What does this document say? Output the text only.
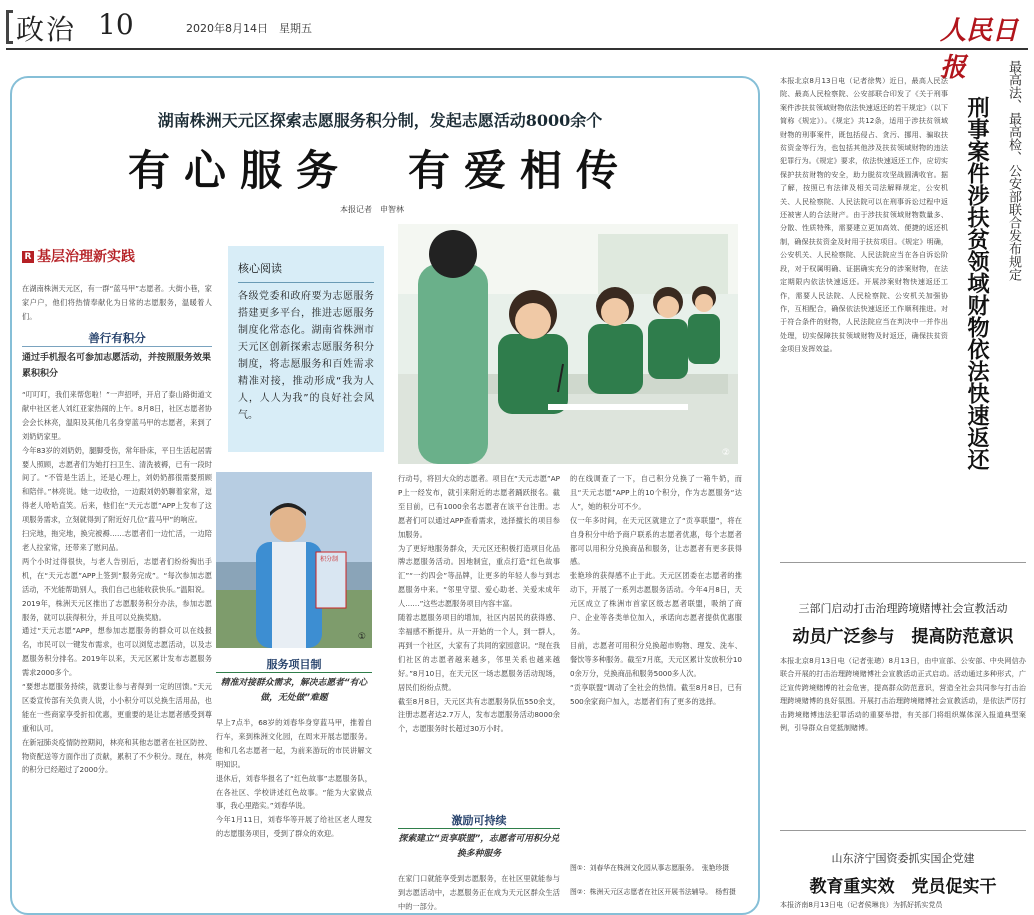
政治 10	2020年8月14日　星期五	人民日报
湖南株洲天元区探索志愿服务积分制，发起志愿活动8000余个
有心服务　有爱相传
本报记者　申智林
R 基层治理新实践
在湖南株洲天元区，有一群“蓝马甲”志愿者。大街小巷，家家户户，他们将热情奉献化为日常的志愿服务，温暖着人们。
善行有积分
通过手机报名可参加志愿活动，并按照服务效果累积积分
“叮叮叮，我们来帮您啦！”一声招呼，开启了泰山路街道文献中社区老人刘红亚家热闹的上午。8月8日，社区志愿者协会会长林亮，温阳及其他几名身穿蓝马甲的志愿者，来到了刘奶奶家里。
今年83岁的刘奶奶，腿脚受伤，常年卧床，平日生活起居需要人照顾，志愿者们为她打扫卫生、清洗被褥，已有一段时间了。“不管是生活上，还是心理上，刘奶奶都很需要照顾和陪伴。”林亮说。她一边收拾，一边跟刘奶奶聊着家常，逗得老人哈哈直笑。后来，他们在“天元志愿”APP上发布了这项服务需求，立刻就得到了附近好几位“蓝马甲”的响应。
扫完地，拖完地，换完被褥……志愿者们一边忙活，一边陪老人拉家常，还带来了慰问品。
两个小时过得很快，与老人告别后，志愿者们纷纷掏出手机，在“天元志愿”APP上签到“服务完成”。“每次参加志愿活动，不光能帮助别人，我们自己也能收获快乐。”温阳说。
2019年，株洲天元区推出了志愿服务积分办法，参加志愿服务，就可以获得积分，并且可以兑换奖励。
通过“天元志愿”APP，想参加志愿服务的群众可以在线报名，市民可以一键发布需求，也可以浏览志愿活动，以及志愿服务积分排名。2019年以来，天元区累计发布志愿服务需求2000多个。
“要想志愿服务持续，就要让参与者得到一定的回馈。”天元区委宣传部有关负责人说，小小积分可以兑换生活用品，也能在一些商家享受折扣优惠，更重要的是让志愿者感受到尊重和认可。
在新冠肺炎疫情防控期间，林亮和其他志愿者在社区防控、物资配送等方面作出了贡献，累积了不少积分。现在，林亮的积分已经超过了2000分。
核心阅读
各级党委和政府要为志愿服务搭建更多平台，推进志愿服务制度化常态化。湖南省株洲市天元区创新探索志愿服务积分制度，将志愿服务和百姓需求精准对接，推动形成“我为人人，人人为我”的良好社会风气。
②
积分制
①
服务项目制
精准对接群众需求，解决志愿者“有心做，无处做”难题
早上7点半，68岁的刘春华身穿蓝马甲，推着自行车，来到株洲文化园，在周末开展志愿服务。他和几名志愿者一起，为前来游玩的市民讲解文明知识。
退休后，刘春华报名了“红色故事”志愿服务队，在各社区、学校讲述红色故事。“能为大家做点事，我心里踏实。”刘春华说。
今年1月11日，刘春华等开展了给社区老人理发的志愿服务项目，受到了群众的欢迎。
行动号，将回大众的志愿者。项目在“天元志愿”APP上一经发布，就引来附近的志愿者踊跃报名。截至目前，已有1000余名志愿者在该平台注册。志愿者们可以通过APP查看需求，选择擅长的项目参加服务。
为了更好地服务群众，天元区还积极打造项目化品牌志愿服务活动。因地制宜，重点打造“红色故事汇”“一约四会”等品牌，让更多的年轻人参与到志愿服务中来。“邻里守望、爱心助老、关爱未成年人……”这些志愿服务项目内容丰富。
随着志愿服务项目的增加，社区内居民的获得感、幸福感不断提升。从一开始的一个人，到一群人，再到一个社区，大家有了共同的家园意识。“现在我们社区的志愿者越来越多，邻里关系也越来越好。”8月10日，在天元区一场志愿服务活动现场，居民们纷纷点赞。
截至8月8日，天元区共有志愿服务队伍550余支，注册志愿者达2.7万人，发布志愿服务活动8000余个，志愿服务时长超过30万小时。
激励可持续
探索建立“贡享联盟”，志愿者可用积分兑换多种服务
在家门口就能享受到志愿服务，在社区里就能参与到志愿活动中，志愿服务正在成为天元区群众生活中的一部分。
的在线调查了一下，自己积分兑换了一箱牛奶，而且“天元志愿”APP上的10个积分，作为志愿服务“达人”，她的积分可不少。
仅一年多时间，在天元区就建立了“贡享联盟”，将在自身积分中给予商户联系的志愿者优惠，每个志愿者都可以用积分兑换商品和服务，让志愿者有更多获得感。
张艳珍的获得感不止于此。天元区团委在志愿者的推动下，开展了一系列志愿服务活动。今年4月8日，天元区成立了株洲市首家区级志愿者联盟，吸纳了商户、企业等各类单位加入，承诺向志愿者提供优惠服务。
目前，志愿者可用积分兑换超市购物、理发、洗车、餐饮等多种服务。截至7月底，天元区累计发放积分100余万分，兑换商品和服务5000多人次。
“贡享联盟”调动了全社会的热情。截至8月8日，已有500余家商户加入，志愿者们有了更多的选择。
图①：刘春华在株洲文化园从事志愿服务。　张艳珍摄
图②：株洲天元区志愿者在社区开展书法辅导。　杨哲摄
最高法、最高检、公安部联合发布规定
刑事案件涉扶贫领域财物依法快速返还
本报北京8月13日电（记者徐隽）近日，最高人民法院、最高人民检察院、公安部联合印发了《关于刑事案件涉扶贫领域财物依法快速返还的若干规定》（以下简称《规定》）。《规定》共12条，适用于涉扶贫领域财物的刑事案件，既包括侵占、贪污、挪用、骗取扶贫资金等行为，也包括其他涉及扶贫领域财物的违法犯罪行为。《规定》要求，依法快速返还工作，应切实保护扶贫财物的安全，助力脱贫攻坚战圆满收官。据了解，按照已有法律及相关司法解释规定，公安机关、人民检察院、人民法院可以在刑事诉讼过程中返还被害人的合法财产。由于涉扶贫领域财物数量多、分散、性质特殊，需要建立更加高效、便捷的返还机制，确保扶贫资金及时用于扶贫项目。《规定》明确，公安机关、人民检察院、人民法院应当在各自诉讼阶段，对于权属明确、证据确实充分的涉案财物，在法定期限内依法快速返还。开展涉案财物快速返还工作，需要人民法院、人民检察院、公安机关加强协作，互相配合，确保依法快速返还工作顺利推进。对于符合条件的财物，人民法院应当在判决中一并作出处理，切实保障扶贫领域财物及时返还，确保扶贫资金项目发挥效益。
三部门启动打击治理跨境赌博社会宣教活动
动员广泛参与　提高防范意识
本报北京8月13日电（记者张璁）8月13日，由中宣部、公安部、中央网信办联合开展的打击治理跨境赌博社会宣教活动正式启动。活动通过多种形式，广泛宣传跨境赌博的社会危害，提高群众防范意识，营造全社会共同参与打击治理跨境赌博的良好氛围。开展打击治理跨境赌博社会宣教活动，是依法严厉打击跨境赌博违法犯罪活动的重要举措，有关部门将组织媒体深入报道典型案例，引导群众自觉抵制赌博。
山东济宁国资委抓实国企党建
教育重实效　党员促实干
本报济南8月13日电（记者侯琳良）为抓好抓实党员
